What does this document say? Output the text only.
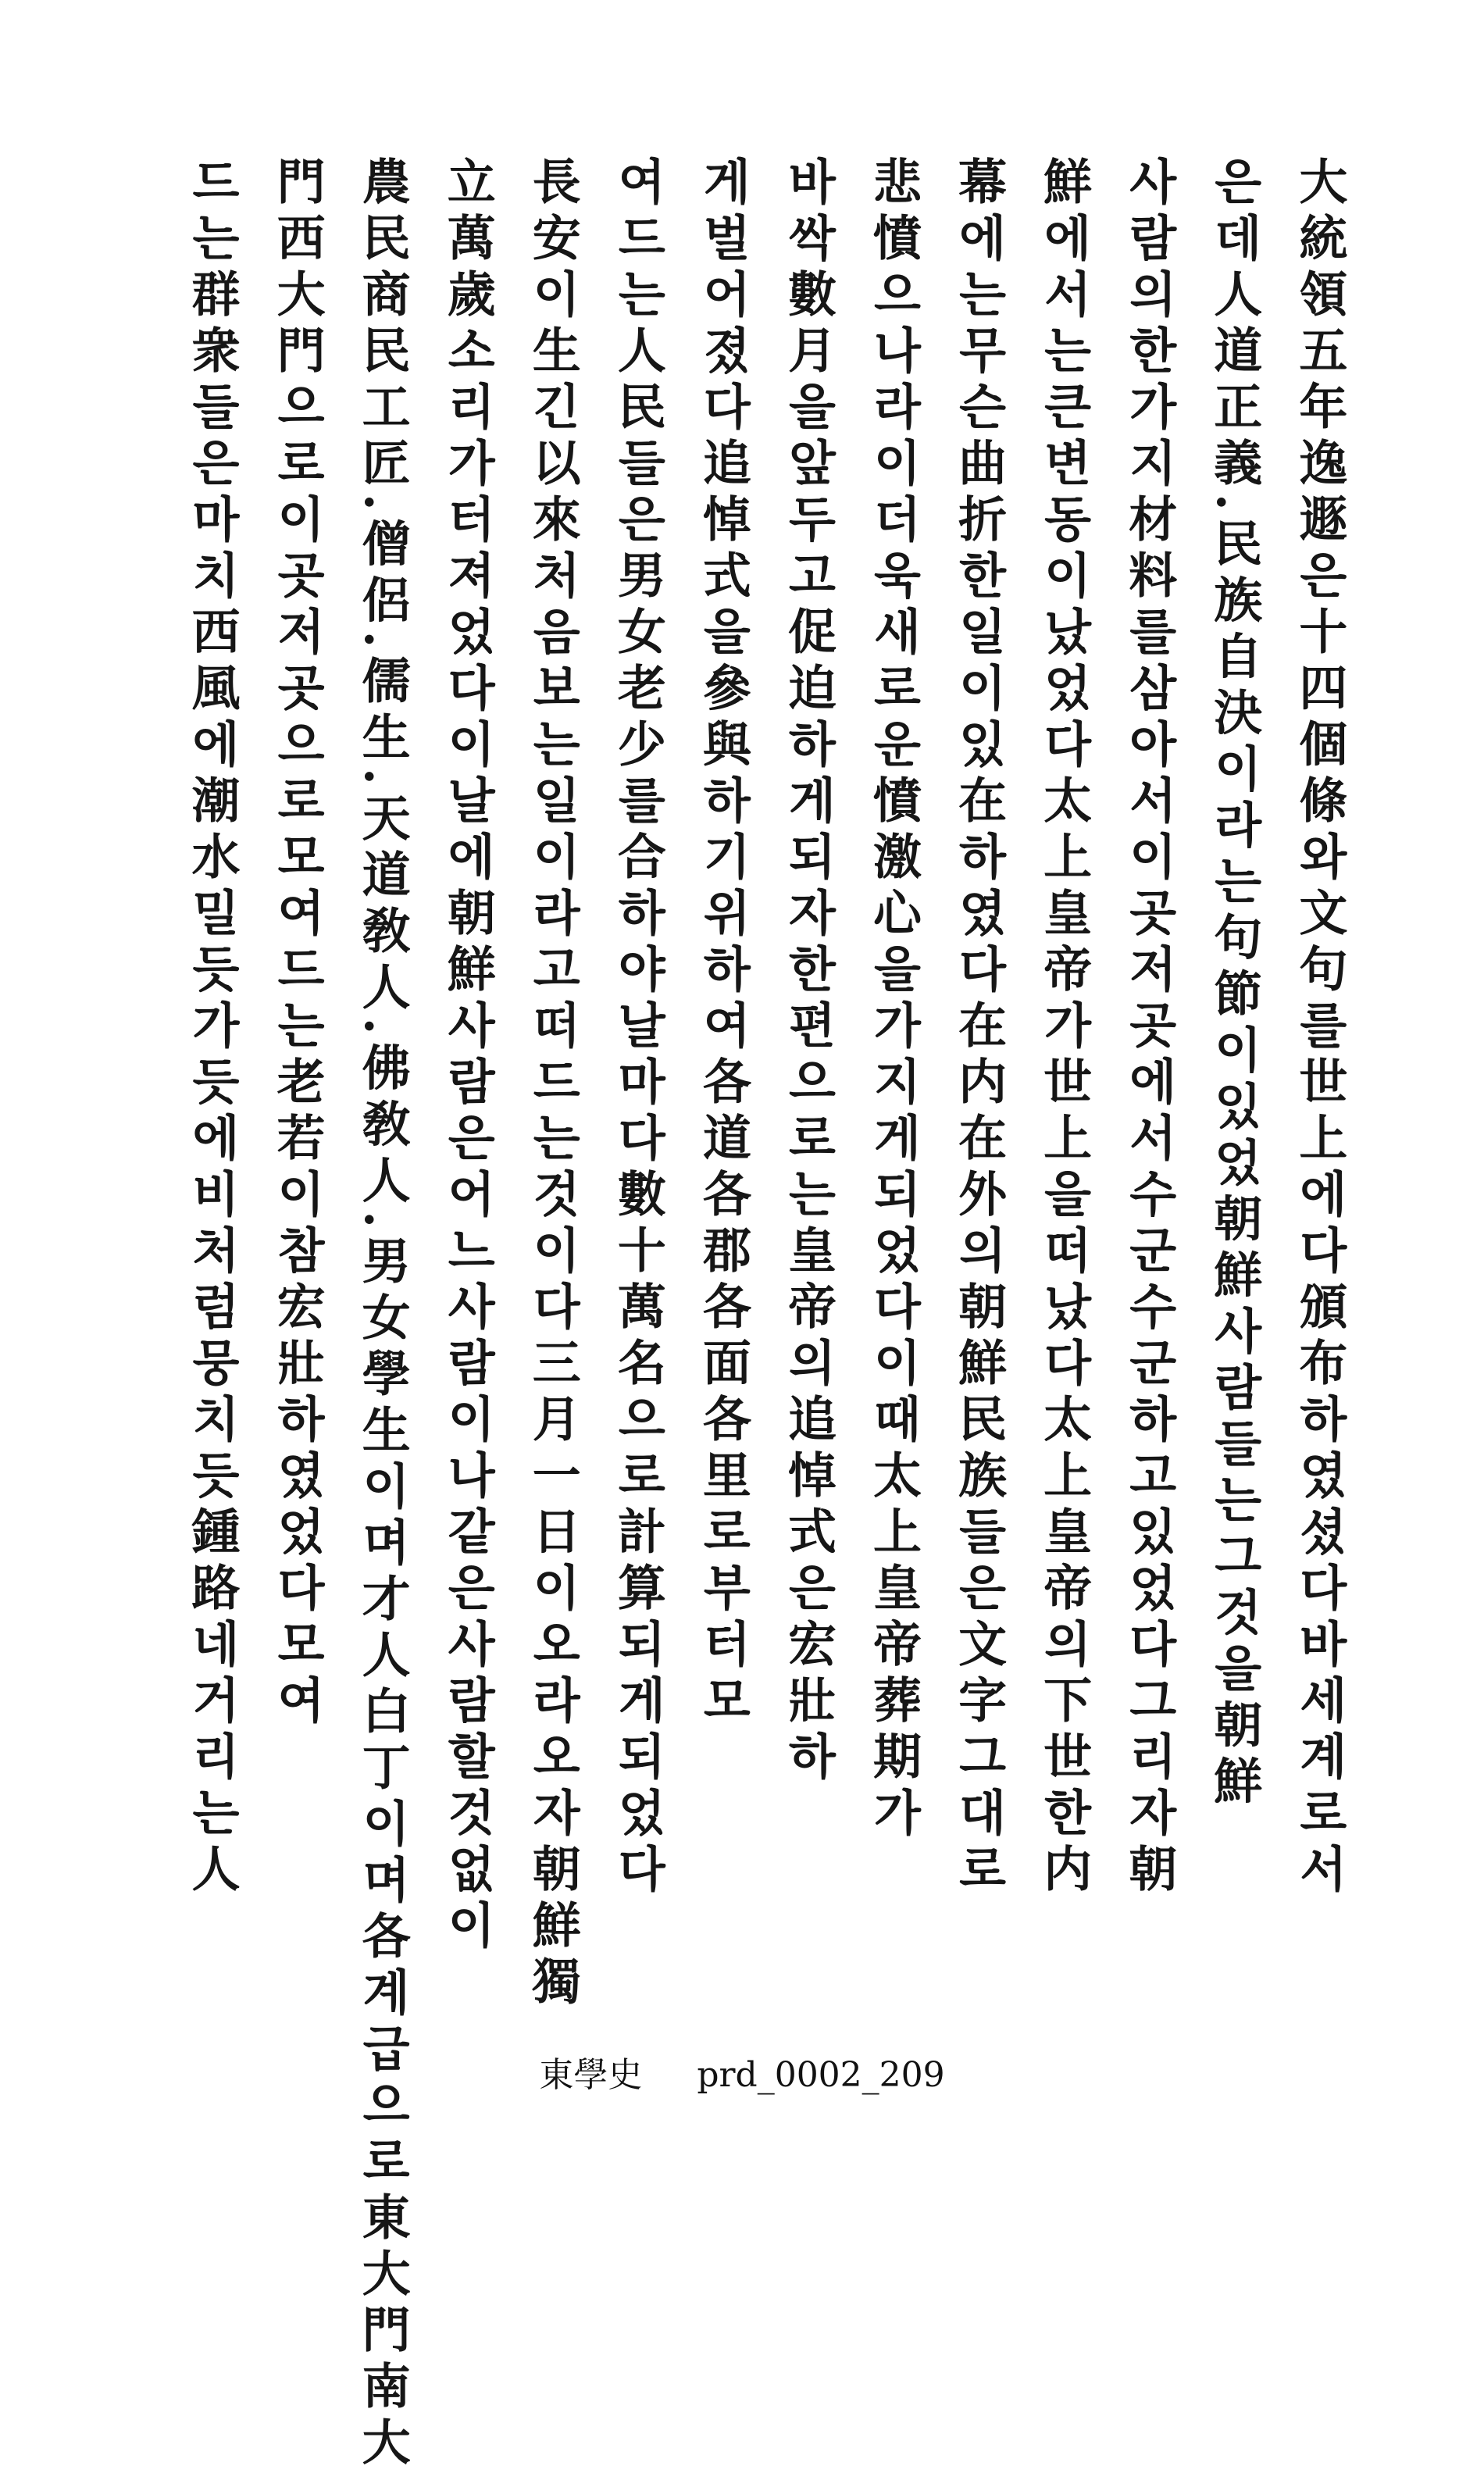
大統領五年逸遯은十四個條와文句를世上에다頒布하였셨다바세계로서
은데人道正義.民族自決이라는句節이있었朝鮮사람들는그것을朝鮮
사람의한가지材料를삼아서이곳저곳에서수군수군하고있었다그리자朝
鮮에서는큰변동이났었다太上皇帝가世上을떠났다太上皇帝의下世한内
幕에는무슨曲折한일이있在하였다在内在外의朝鮮民族들은文字그대로
悲憤으나라이더욱새로운憤激心을가지게되었다이때太上皇帝葬期가
바싹數月을앞두고促迫하게되자한편으로는皇帝의追悼式은宏壯하
게벌어졌다追悼式을參與하기위하여各道各郡各面各里로부터모
여드는人民들은男女老少를合하야날마다數十萬名으로計算되게되었다
長安이生긴以來처음보는일이라고떠드는것이다三月一日이오라오자朝鮮獨
立萬歲소리가터져었다이날에朝鮮사람은어느사람이나같은사람할것없이
農民商民工匠.僧侶.儒生.天道敎人.佛敎人.男女學生이며才人白丁이며各계급으로東大門南大
門西大門으로이곳저곳으로모여드는老若이참宏壯하였었다모여
드는群衆들은마치西風에潮水밀듯가듯에비처럼뭉치듯鍾路네거리는人
東學史 prd_0002_209
